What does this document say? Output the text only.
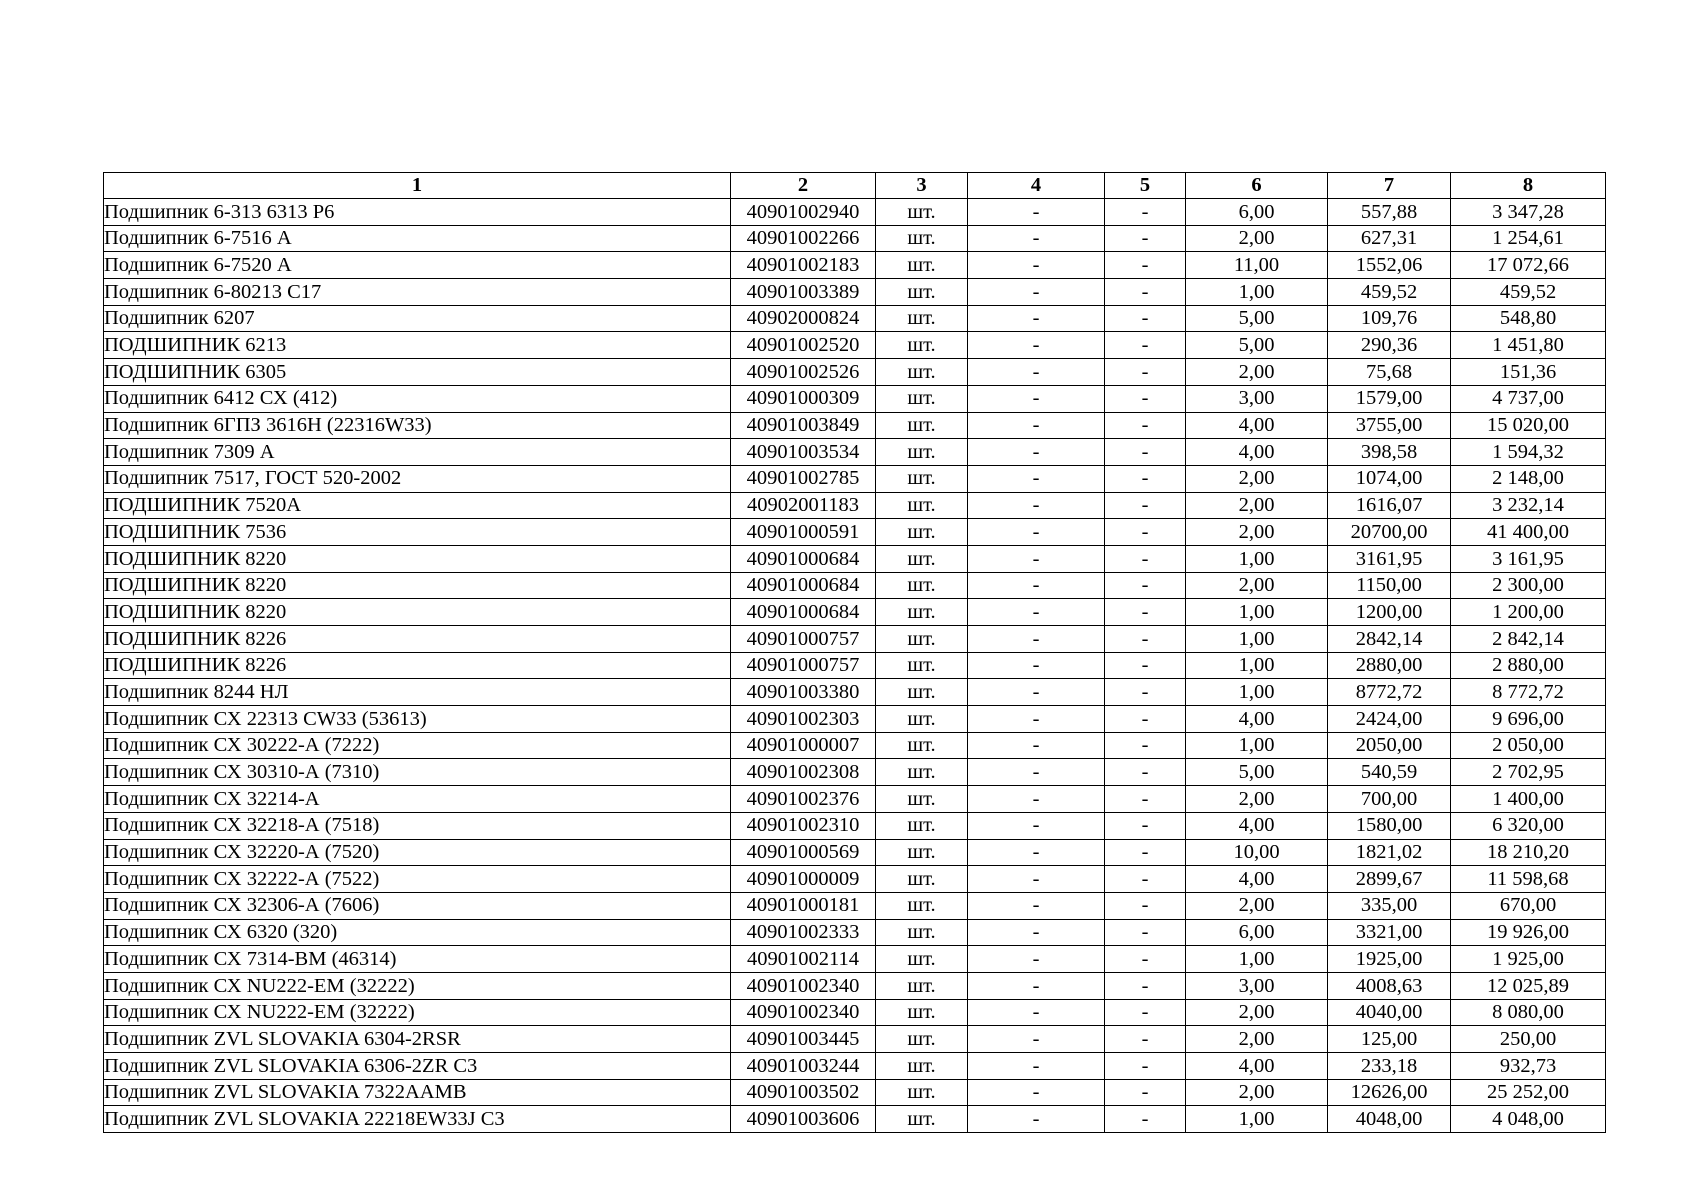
1	2	3	4	5	6	7	8
Подшипник 6-313 6313 Р6	40901002940	шт.	-	-	6,00	557,88	3 347,28
Подшипник 6-7516 А	40901002266	шт.	-	-	2,00	627,31	1 254,61
Подшипник 6-7520 А	40901002183	шт.	-	-	11,00	1552,06	17 072,66
Подшипник 6-80213 С17	40901003389	шт.	-	-	1,00	459,52	459,52
Подшипник 6207	40902000824	шт.	-	-	5,00	109,76	548,80
ПОДШИПНИК 6213	40901002520	шт.	-	-	5,00	290,36	1 451,80
ПОДШИПНИК 6305	40901002526	шт.	-	-	2,00	75,68	151,36
Подшипник 6412 СХ (412)	40901000309	шт.	-	-	3,00	1579,00	4 737,00
Подшипник 6ГПЗ 3616Н (22316W33)	40901003849	шт.	-	-	4,00	3755,00	15 020,00
Подшипник 7309 А	40901003534	шт.	-	-	4,00	398,58	1 594,32
Подшипник 7517, ГОСТ 520-2002	40901002785	шт.	-	-	2,00	1074,00	2 148,00
ПОДШИПНИК 7520А	40902001183	шт.	-	-	2,00	1616,07	3 232,14
ПОДШИПНИК 7536	40901000591	шт.	-	-	2,00	20700,00	41 400,00
ПОДШИПНИК 8220	40901000684	шт.	-	-	1,00	3161,95	3 161,95
ПОДШИПНИК 8220	40901000684	шт.	-	-	2,00	1150,00	2 300,00
ПОДШИПНИК 8220	40901000684	шт.	-	-	1,00	1200,00	1 200,00
ПОДШИПНИК 8226	40901000757	шт.	-	-	1,00	2842,14	2 842,14
ПОДШИПНИК 8226	40901000757	шт.	-	-	1,00	2880,00	2 880,00
Подшипник 8244 НЛ	40901003380	шт.	-	-	1,00	8772,72	8 772,72
Подшипник СХ 22313 CW33 (53613)	40901002303	шт.	-	-	4,00	2424,00	9 696,00
Подшипник СХ 30222-А (7222)	40901000007	шт.	-	-	1,00	2050,00	2 050,00
Подшипник СХ 30310-А (7310)	40901002308	шт.	-	-	5,00	540,59	2 702,95
Подшипник СХ 32214-А	40901002376	шт.	-	-	2,00	700,00	1 400,00
Подшипник СХ 32218-А (7518)	40901002310	шт.	-	-	4,00	1580,00	6 320,00
Подшипник СХ 32220-А (7520)	40901000569	шт.	-	-	10,00	1821,02	18 210,20
Подшипник СХ 32222-А (7522)	40901000009	шт.	-	-	4,00	2899,67	11 598,68
Подшипник СХ 32306-А (7606)	40901000181	шт.	-	-	2,00	335,00	670,00
Подшипник СХ 6320 (320)	40901002333	шт.	-	-	6,00	3321,00	19 926,00
Подшипник СХ 7314-ВМ (46314)	40901002114	шт.	-	-	1,00	1925,00	1 925,00
Подшипник СХ NU222-ЕМ (32222)	40901002340	шт.	-	-	3,00	4008,63	12 025,89
Подшипник СХ NU222-ЕМ (32222)	40901002340	шт.	-	-	2,00	4040,00	8 080,00
Подшипник ZVL SLOVAKIA 6304-2RSR	40901003445	шт.	-	-	2,00	125,00	250,00
Подшипник ZVL SLOVAKIA 6306-2ZR C3	40901003244	шт.	-	-	4,00	233,18	932,73
Подшипник ZVL SLOVAKIA 7322AAMB	40901003502	шт.	-	-	2,00	12626,00	25 252,00
Подшипник ZVL SLOVAKIA 22218EW33J C3	40901003606	шт.	-	-	1,00	4048,00	4 048,00
